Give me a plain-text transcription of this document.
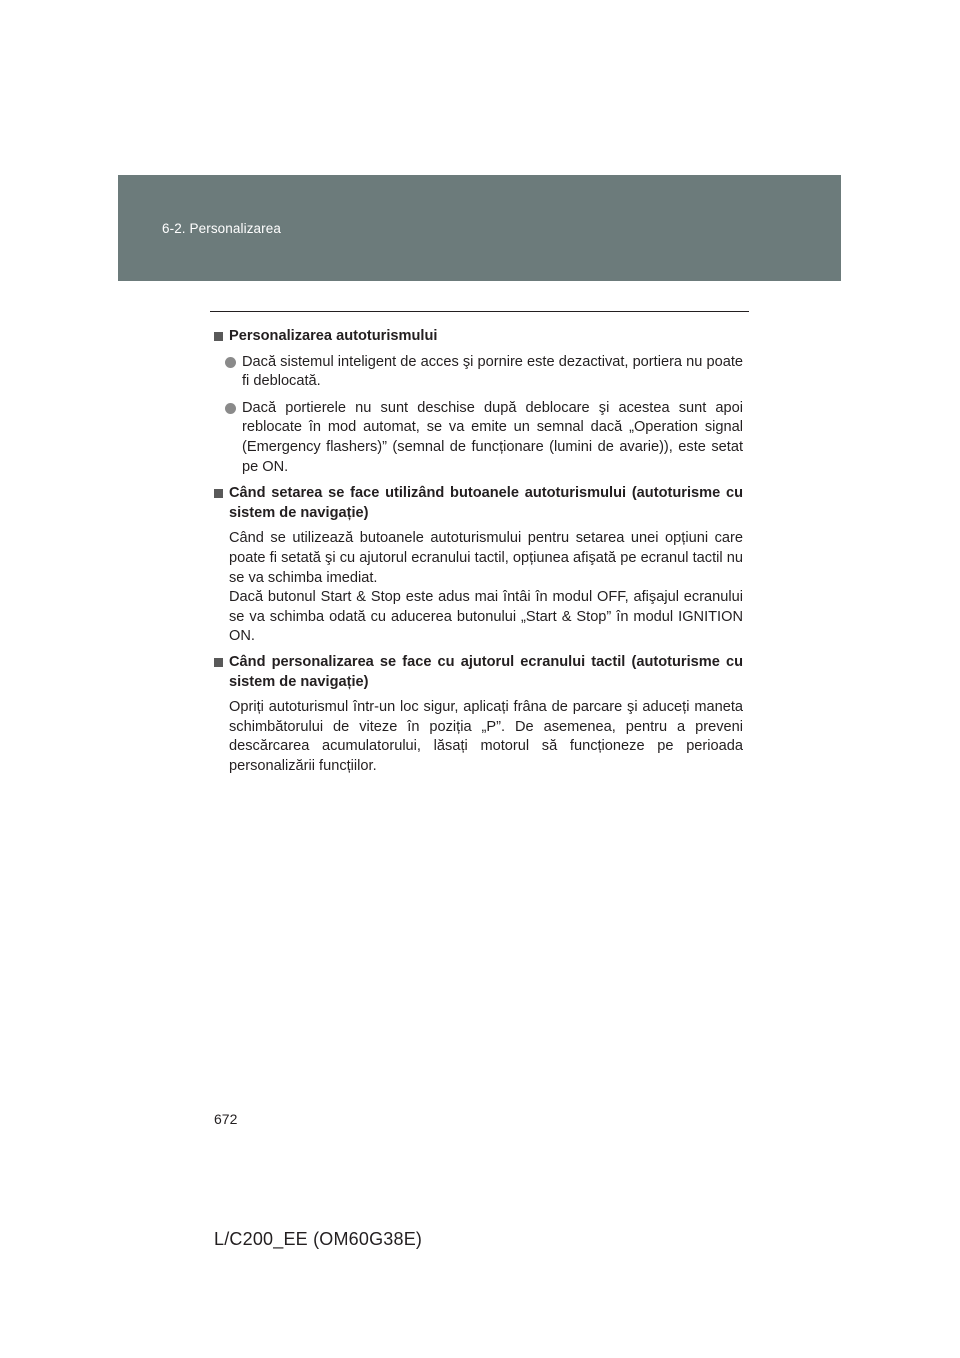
6-2. Personalizarea
Personalizarea autoturismului
Dacă sistemul inteligent de acces şi pornire este dezactivat, portiera nu poate fi deblocată.
Dacă portierele nu sunt deschise după deblocare şi acestea sunt apoi reblocate în mod automat, se va emite un semnal dacă „Operation signal (Emergency flashers)” (semnal de funcționare (lumini de avarie)), este setat pe ON.
Când setarea se face utilizând butoanele autoturismului (autoturisme cu sistem de navigație)
Când se utilizează butoanele autoturismului pentru setarea unei opțiuni care poate fi setată şi cu ajutorul ecranului tactil, opțiunea afişată pe ecranul tactil nu se va schimba imediat.
Dacă butonul Start & Stop este adus mai întâi în modul OFF, afişajul ecranului se va schimba odată cu aducerea butonului „Start & Stop” în modul IGNITION ON.
Când personalizarea se face cu ajutorul ecranului tactil (autoturisme cu sistem de navigație)
Opriți autoturismul într-un loc sigur, aplicați frâna de parcare şi aduceți maneta schimbătorului de viteze în poziția „P”. De asemenea, pentru a preveni descărcarea acumulatorului, lăsați motorul să funcționeze pe perioada personalizării funcțiilor.
672
L/C200_EE (OM60G38E)
